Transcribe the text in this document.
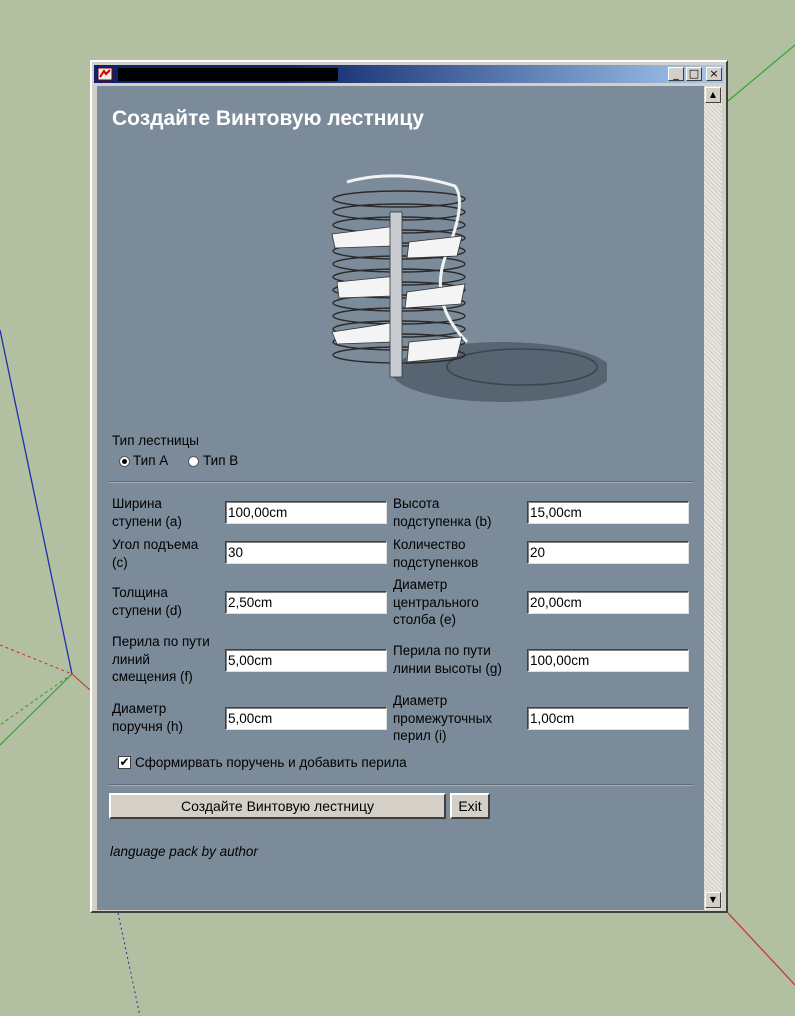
_ □ ×
Создайте Винтовую лестницу
Тип лестницы
Тип A	Тип B
Ширина
ступени (a)
100,00cm
Угол подъема
(c)
30
Толщина
ступени (d)
2,50cm
Перила по пути
линий
смещения (f)
5,00cm
Диаметр
поручня (h)
5,00cm
Высота
подступенка (b)
15,00cm
Количество
подступенков
20
Диаметр
центрального
столба (e)
20,00cm
Перила по пути
линии высоты (g)
100,00cm
Диаметр
промежуточных
перил (i)
1,00cm
✔ Сформирвать поручень и добавить перила
Создайте Винтовую лестницу	Exit
language pack by author
▲
▼
